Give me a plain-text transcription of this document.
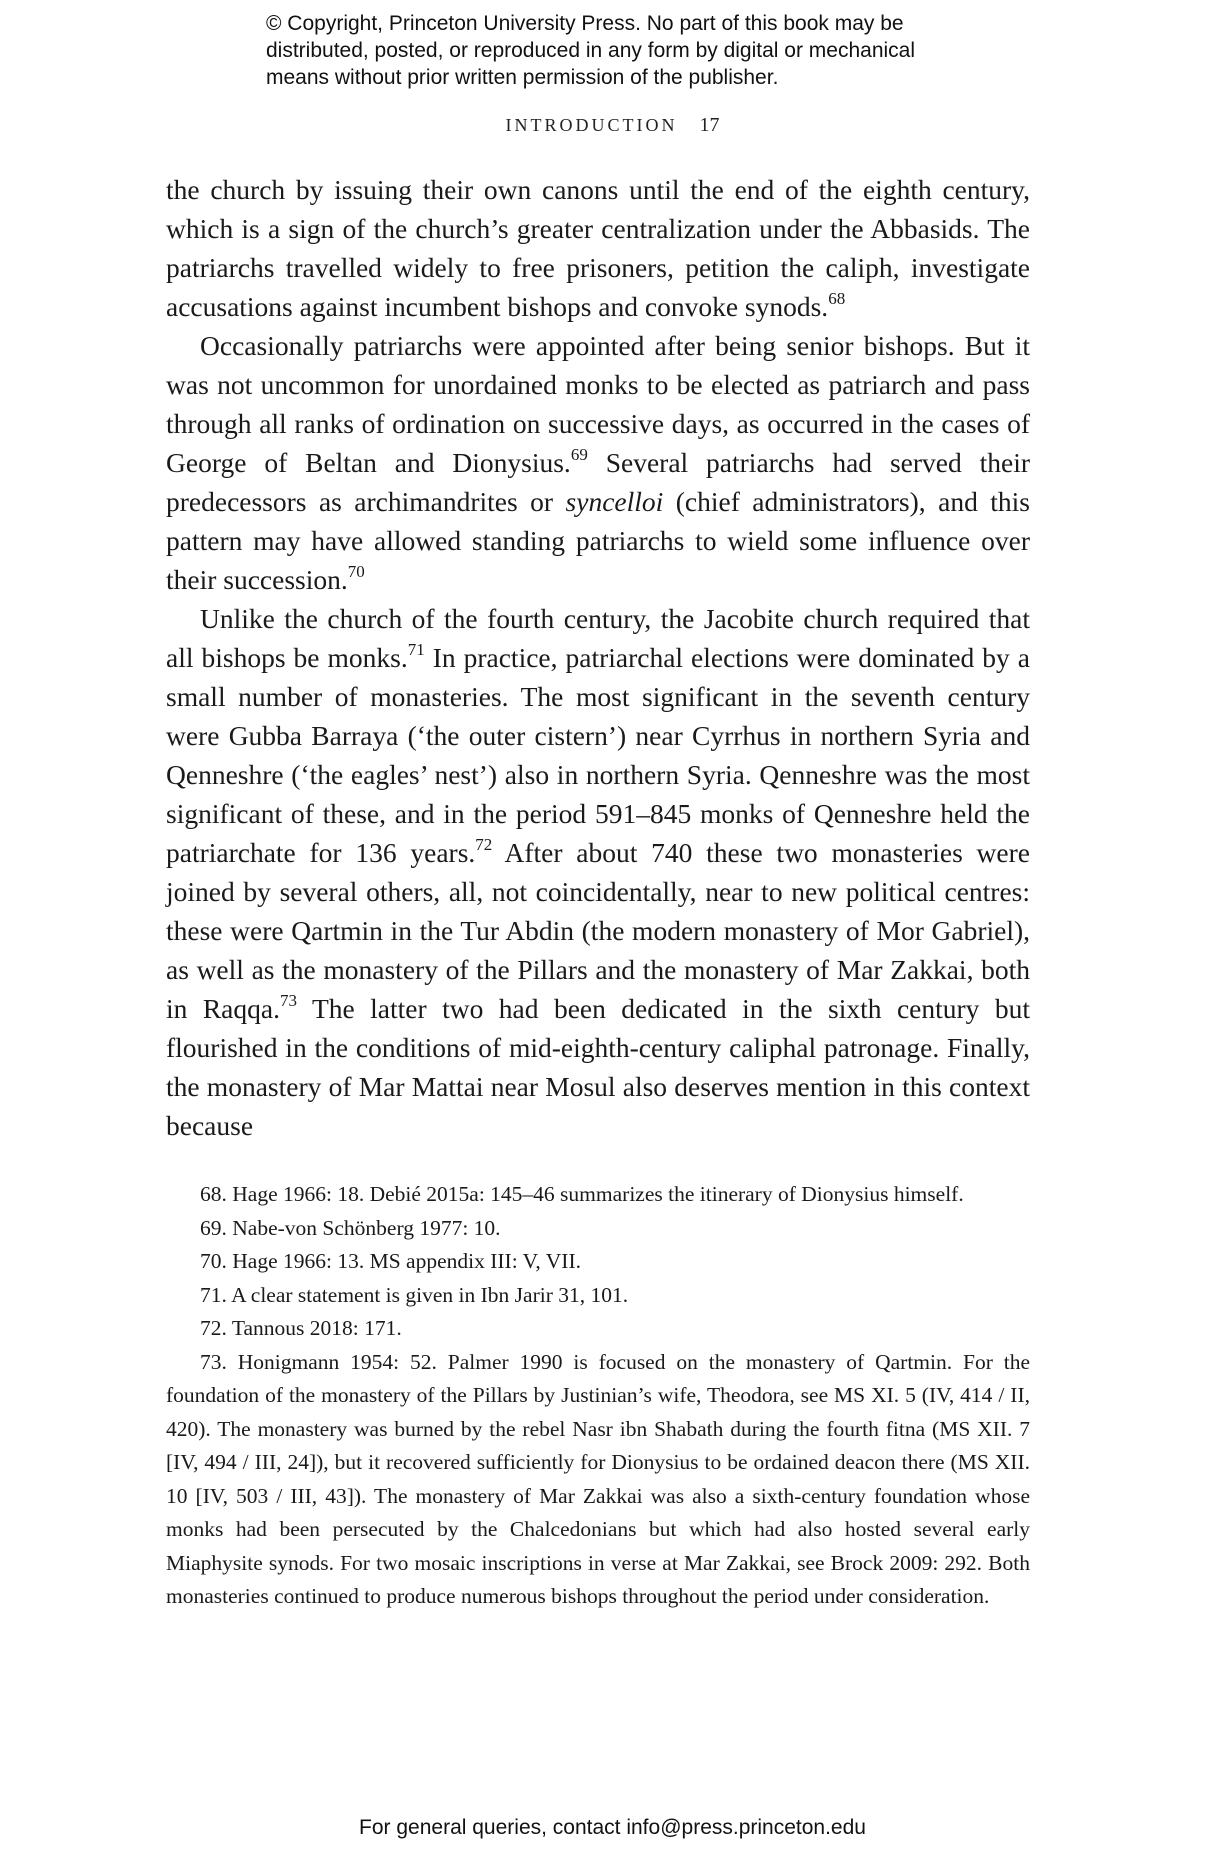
© Copyright, Princeton University Press. No part of this book may be

distributed, posted, or reproduced in any form by digital or mechanical

means without prior written permission of the publisher.

INTRODUCTION 17

the church by issuing their own canons until the end of the eighth century, which is a sign of the church’s greater centralization under the Abbasids. The patriarchs travelled widely to free prisoners, petition the caliph, investigate accusations against incumbent bishops and convoke synods.$^{68}$

Occasionally patriarchs were appointed after being senior bishops. But it was not uncommon for unordained monks to be elected as patriarch and pass through all ranks of ordination on successive days, as occurred in the cases of George of Beltan and Dionysius.$^{69}$ Several patriarchs had served their predecessors as archimandrites or syncelloi (chief administrators), and this pattern may have allowed standing patriarchs to wield some influence over their succession.$^{70}$

Unlike the church of the fourth century, the Jacobite church required that all bishops be monks.$^{71}$ In practice, patriarchal elections were dominated by a small number of monasteries. The most significant in the seventh century were Gubba Barraya (‘the outer cistern’) near Cyrrhus in northern Syria and Qenneshre (‘the eagles’ nest’) also in northern Syria. Qenneshre was the most significant of these, and in the period 591–845 monks of Qenneshre held the patriarchate for 136 years.$^{72}$ After about 740 these two monasteries were joined by several others, all, not coincidentally, near to new political centres: these were Qartmin in the Tur Abdin (the modern monastery of Mor Gabriel), as well as the monastery of the Pillars and the monastery of Mar Zakkai, both in Raqqa.$^{73}$ The latter two had been dedicated in the sixth century but flourished in the conditions of mid-eighth-century caliphal patronage. Finally, the monastery of Mar Mattai near Mosul also deserves mention in this context because

68. Hage 1966: 18. Debié 2015a: 145–46 summarizes the itinerary of Dionysius himself.

69. Nabe-von Schönberg 1977: 10.

70. Hage 1966: 13. MS appendix III: V, VII.

71. A clear statement is given in Ibn Jarir 31, 101.

72. Tannous 2018: 171.

73. Honigmann 1954: 52. Palmer 1990 is focused on the monastery of Qartmin. For the foundation of the monastery of the Pillars by Justinian’s wife, Theodora, see MS XI. 5 (IV, 414 / II, 420). The monastery was burned by the rebel Nasr ibn Shabath during the fourth fitna (MS XII. 7 [IV, 494 / III, 24]), but it recovered sufficiently for Dionysius to be ordained deacon there (MS XII. 10 [IV, 503 / III, 43]). The monastery of Mar Zakkai was also a sixth-century foundation whose monks had been persecuted by the Chalcedonians but which had also hosted several early Miaphysite synods. For two mosaic inscriptions in verse at Mar Zakkai, see Brock 2009: 292. Both monasteries continued to produce numerous bishops throughout the period under consideration.

For general queries, contact info@press.princeton.edu
